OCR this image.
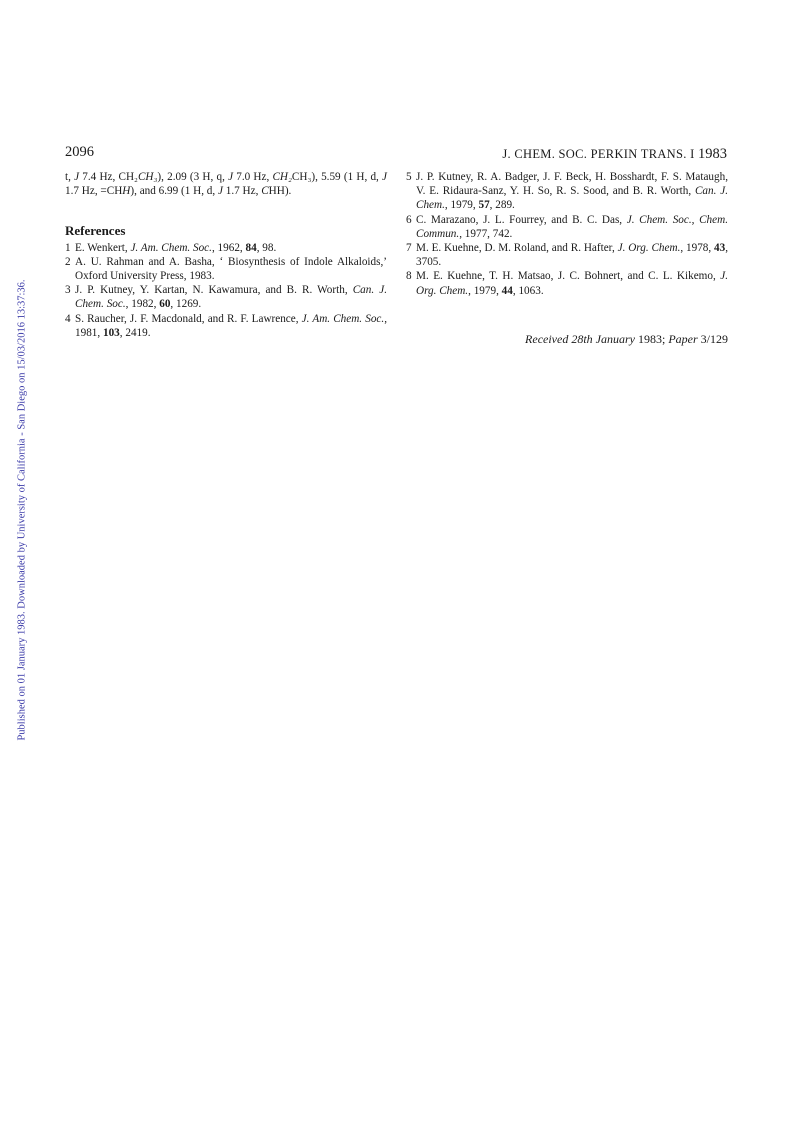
Published on 01 January 1983. Downloaded by University of California - San Diego on 15/03/2016 13:37:36.
2096	J. CHEM. SOC. PERKIN TRANS. I 1983

t, J 7.4 Hz, CH₂CH₃), 2.09 (3 H, q, J 7.0 Hz, CH₂CH₃), 5.59 (1 H, d, J 1.7 Hz, =CHH), and 6.99 (1 H, d, J 1.7 Hz, CHH).

References
1 E. Wenkert, J. Am. Chem. Soc., 1962, 84, 98.
2 A. U. Rahman and A. Basha, ‘ Biosynthesis of Indole Alkaloids,’ Oxford University Press, 1983.
3 J. P. Kutney, Y. Kartan, N. Kawamura, and B. R. Worth, Can. J. Chem. Soc., 1982, 60, 1269.
4 S. Raucher, J. F. Macdonald, and R. F. Lawrence, J. Am. Chem. Soc., 1981, 103, 2419.
5 J. P. Kutney, R. A. Badger, J. F. Beck, H. Bosshardt, F. S. Mataugh, V. E. Ridaura-Sanz, Y. H. So, R. S. Sood, and B. R. Worth, Can. J. Chem., 1979, 57, 289.
6 C. Marazano, J. L. Fourrey, and B. C. Das, J. Chem. Soc., Chem. Commun., 1977, 742.
7 M. E. Kuehne, D. M. Roland, and R. Hafter, J. Org. Chem., 1978, 43, 3705.
8 M. E. Kuehne, T. H. Matsao, J. C. Bohnert, and C. L. Kikemo, J. Org. Chem., 1979, 44, 1063.
Received 28th January 1983; Paper 3/129
